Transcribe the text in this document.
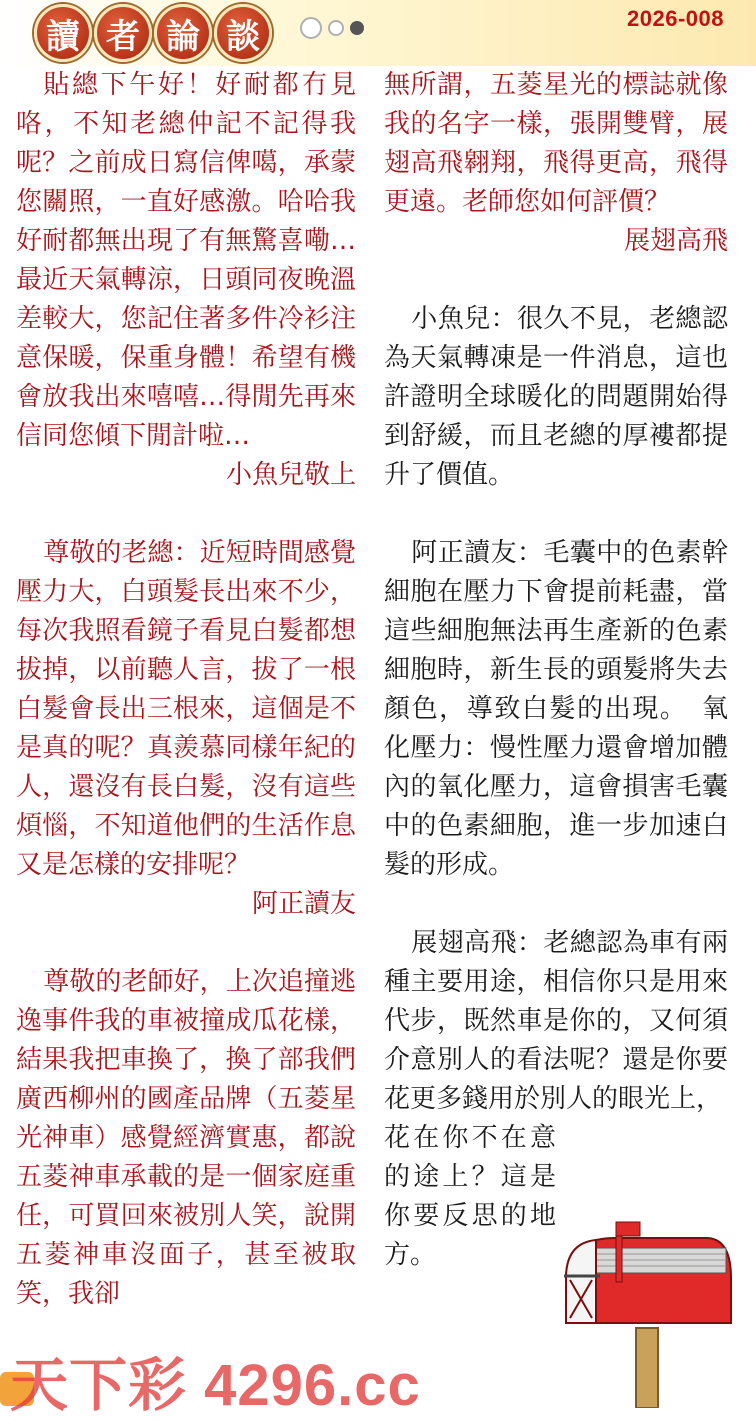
讀 者 論 談	2026-008

貼總下午好！好耐都冇見咯，不知老總仲記不記得我呢？之前成日寫信俾噶，承蒙您關照，一直好感激。哈哈我好耐都無出現了有無驚喜嘞…最近天氣轉涼，日頭同夜晚溫差較大，您記住著多件冷衫注意保暖，保重身體！希望有機會放我出來嘻嘻…得閒先再來信同您傾下閒計啦…

小魚兒敬上

尊敬的老總：近短時間感覺壓力大，白頭髮長出來不少，每次我照看鏡子看見白髮都想拔掉，以前聽人言，拔了一根白髮會長出三根來，這個是不是真的呢？真羨慕同樣年紀的人，還沒有長白髮，沒有這些煩惱，不知道他們的生活作息又是怎樣的安排呢？

阿正讀友

尊敬的老師好，上次追撞逃逸事件我的車被撞成瓜花樣，結果我把車換了，換了部我們廣西柳州的國產品牌（五菱星光神車）感覺經濟實惠，都說五菱神車承載的是一個家庭重任，可買回來被別人笑，說開五菱神車沒面子，甚至被取笑，我卻

無所謂，五菱星光的標誌就像我的名字一樣，張開雙臂，展翅高飛翱翔，飛得更高，飛得更遠。老師您如何評價？

展翅高飛

小魚兒：很久不見，老總認為天氣轉凍是一件消息，這也許證明全球暖化的問題開始得到舒緩，而且老總的厚褸都提升了價值。

阿正讀友：毛囊中的色素幹細胞在壓力下會提前耗盡，當這些細胞無法再生產新的色素細胞時，新生長的頭髮將失去顏色，導致白髮的出現。　氧化壓力：慢性壓力還會增加體內的氧化壓力，這會損害毛囊中的色素細胞，進一步加速白髮的形成。

展翅高飛：老總認為車有兩種主要用途，相信你只是用來代步，既然車是你的，又何須介意別人的看法呢？還是你要花更多錢用於別人的眼光上，

花在你不在意的途上？這是你要反思的地方。

天下彩 4296.cc
